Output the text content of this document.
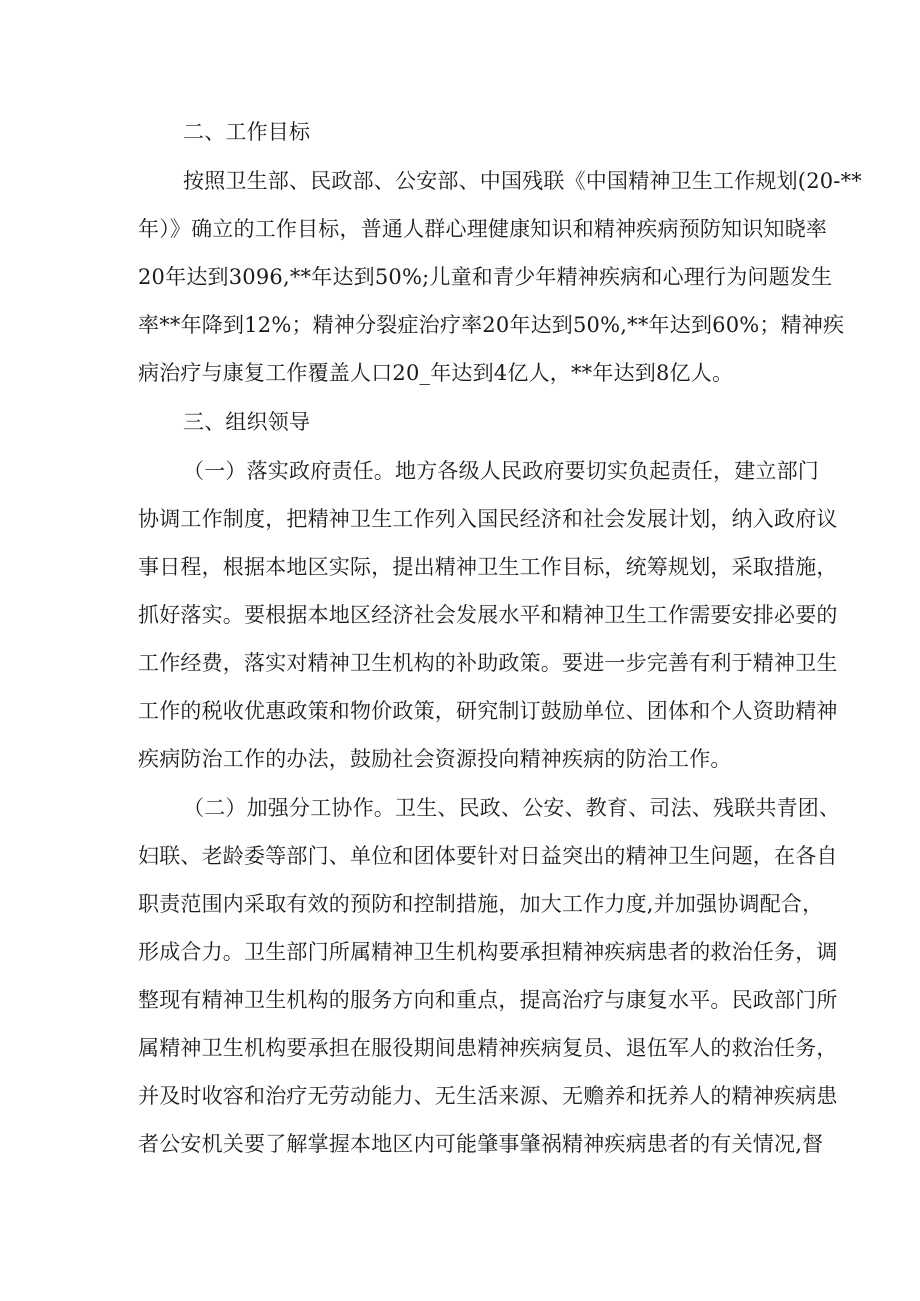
二、工作目标
按照卫生部、民政部、公安部、中国残联《中国精神卫生工作规划(20-**
年）》确立的工作目标，普通人群心理健康知识和精神疾病预防知识知晓率
20年达到3096,**年达到50%;儿童和青少年精神疾病和心理行为问题发生
率**年降到12%；精神分裂症治疗率20年达到50%,**年达到60%；精神疾
病治疗与康复工作覆盖人口20_年达到4亿人，**年达到8亿人。
三、组织领导
（一）落实政府责任。地方各级人民政府要切实负起责任，建立部门
协调工作制度，把精神卫生工作列入国民经济和社会发展计划，纳入政府议
事日程，根据本地区实际，提出精神卫生工作目标，统筹规划，采取措施，
抓好落实。要根据本地区经济社会发展水平和精神卫生工作需要安排必要的
工作经费，落实对精神卫生机构的补助政策。要进一步完善有利于精神卫生
工作的税收优惠政策和物价政策，研究制订鼓励单位、团体和个人资助精神
疾病防治工作的办法，鼓励社会资源投向精神疾病的防治工作。
（二）加强分工协作。卫生、民政、公安、教育、司法、残联共青团、
妇联、老龄委等部门、单位和团体要针对日益突出的精神卫生问题，在各自
职责范围内采取有效的预防和控制措施，加大工作力度,并加强协调配合，
形成合力。卫生部门所属精神卫生机构要承担精神疾病患者的救治任务，调
整现有精神卫生机构的服务方向和重点，提高治疗与康复水平。民政部门所
属精神卫生机构要承担在服役期间患精神疾病复员、退伍军人的救治任务，
并及时收容和治疗无劳动能力、无生活来源、无赡养和抚养人的精神疾病患
者公安机关要了解掌握本地区内可能肇事肇祸精神疾病患者的有关情况,督
